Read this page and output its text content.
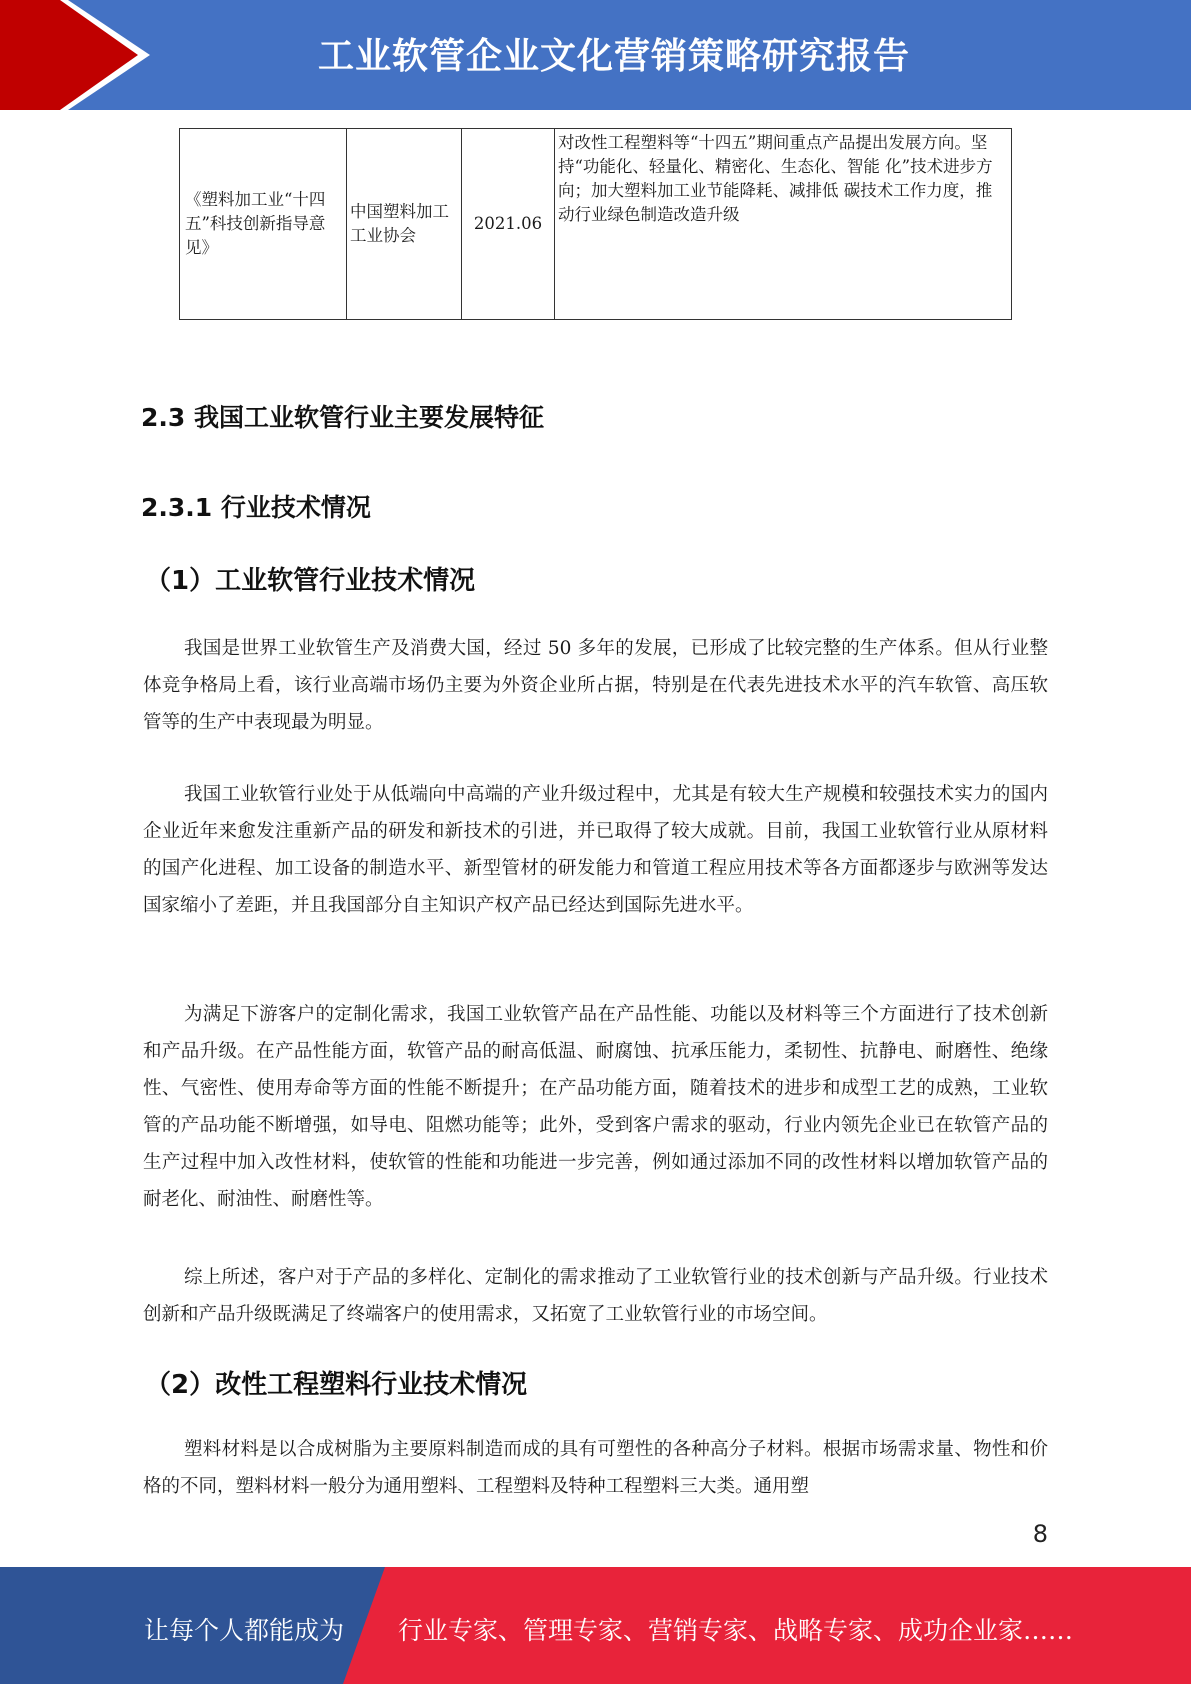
工业软管企业文化营销策略研究报告
《塑料加工业“十四五”科技创新指导意见》	中国塑料加工工业协会	2021.06	对改性工程塑料等“十四五”期间重点产品提出发展方向。坚持“功能化、轻量化、精密化、生态化、智能 化”技术进步方向；加大塑料加工业节能降耗、减排低 碳技术工作力度，推动行业绿色制造改造升级
2.3 我国工业软管行业主要发展特征
2.3.1 行业技术情况
（1）工业软管行业技术情况

我国是世界工业软管生产及消费大国，经过 50 多年的发展，已形成了比较完整的生产体系。但从行业整体竞争格局上看，该行业高端市场仍主要为外资企业所占据，特别是在代表先进技术水平的汽车软管、高压软管等的生产中表现最为明显。

我国工业软管行业处于从低端向中高端的产业升级过程中，尤其是有较大生产规模和较强技术实力的国内企业近年来愈发注重新产品的研发和新技术的引进，并已取得了较大成就。目前，我国工业软管行业从原材料的国产化进程、加工设备的制造水平、新型管材的研发能力和管道工程应用技术等各方面都逐步与欧洲等发达国家缩小了差距，并且我国部分自主知识产权产品已经达到国际先进水平。

为满足下游客户的定制化需求，我国工业软管产品在产品性能、功能以及材料等三个方面进行了技术创新和产品升级。在产品性能方面，软管产品的耐高低温、耐腐蚀、抗承压能力，柔韧性、抗静电、耐磨性、绝缘性、气密性、使用寿命等方面的性能不断提升；在产品功能方面，随着技术的进步和成型工艺的成熟，工业软管的产品功能不断增强，如导电、阻燃功能等；此外，受到客户需求的驱动，行业内领先企业已在软管产品的生产过程中加入改性材料，使软管的性能和功能进一步完善，例如通过添加不同的改性材料以增加软管产品的耐老化、耐油性、耐磨性等。

综上所述，客户对于产品的多样化、定制化的需求推动了工业软管行业的技术创新与产品升级。行业技术创新和产品升级既满足了终端客户的使用需求，又拓宽了工业软管行业的市场空间。

（2）改性工程塑料行业技术情况

塑料材料是以合成树脂为主要原料制造而成的具有可塑性的各种高分子材料。根据市场需求量、物性和价格的不同，塑料材料一般分为通用塑料、工程塑料及特种工程塑料三大类。通用塑

8
让每个人都能成为 行业专家、管理专家、营销专家、战略专家、成功企业家……
